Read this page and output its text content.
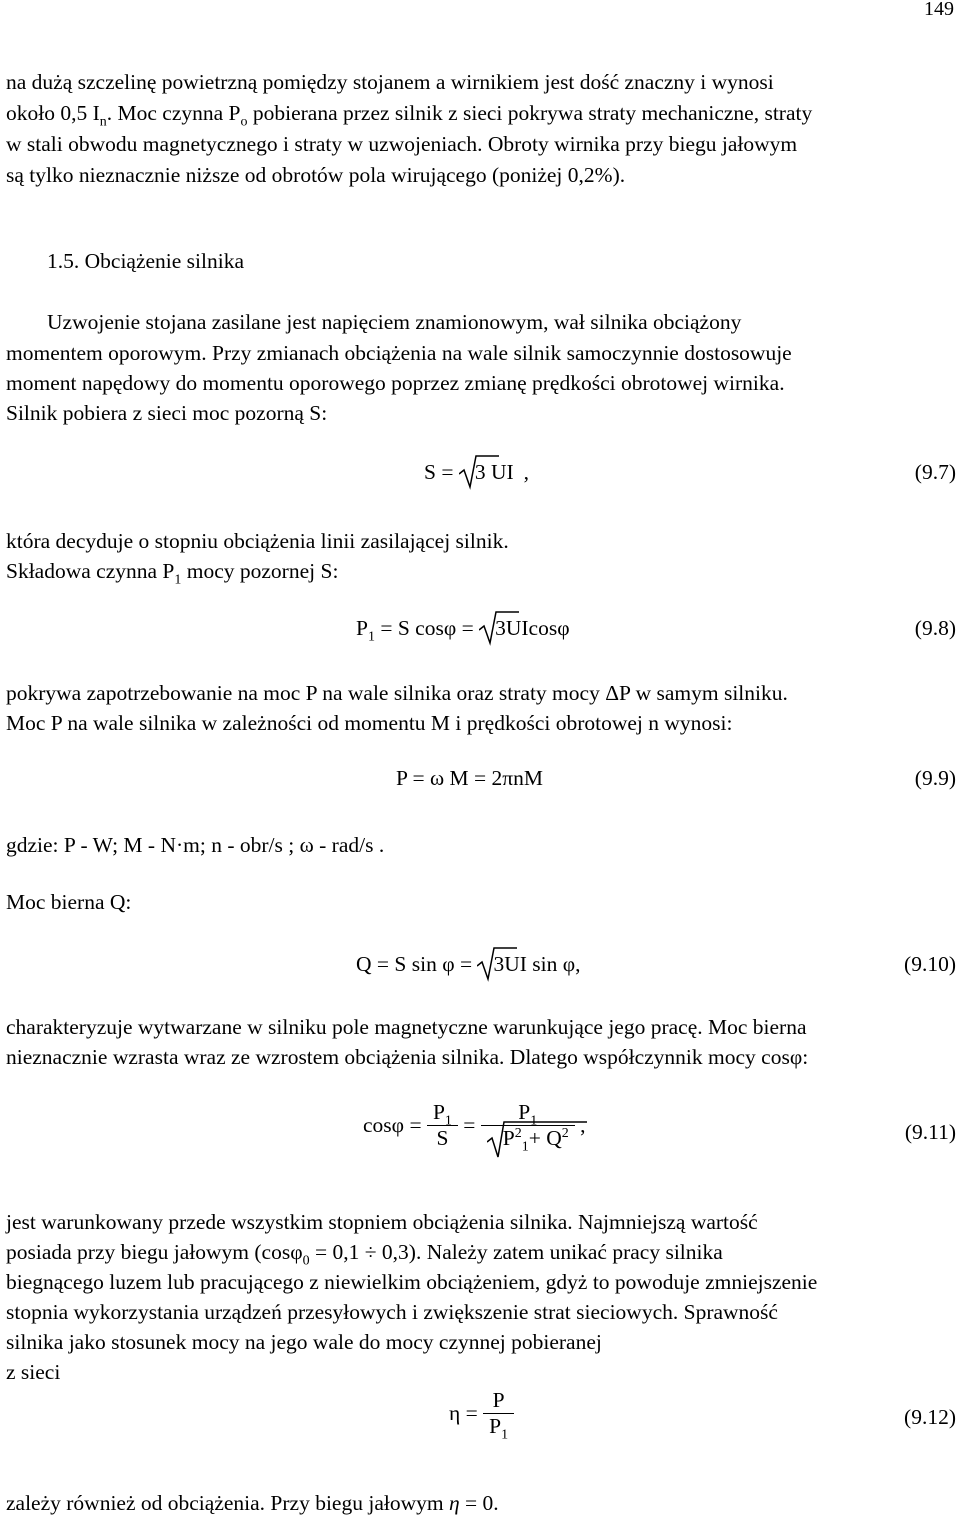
149
na dużą szczelinę powietrzną pomiędzy stojanem a wirnikiem jest dość znaczny i wynosi
około 0,5 $I_n$. Moc czynna $P_o$ pobierana przez silnik z sieci pokrywa straty mechaniczne, straty
w stali obwodu magnetycznego i straty w uzwojeniach. Obroty wirnika przy biegu jałowym
są tylko nieznacznie niższe od obrotów pola wirującego (poniżej 0,2%).
1.5. Obciążenie silnika
Uzwojenie stojana zasilane jest napięciem znamionowym, wał silnika obciążony
momentem oporowym. Przy zmianach obciążenia na wale silnik samoczynnie dostosowuje
moment napędowy do momentu oporowego poprzez zmianę prędkości obrotowej wirnika.
Silnik pobiera z sieci moc pozorną S:
S = 3 UI ,	(9.7)
która decyduje o stopniu obciążenia linii zasilającej silnik.
Składowa czynna $P_1$ mocy pozornej S:
$P_1 = S$ cosφ = 3UIcosφ	(9.8)
pokrywa zapotrzebowanie na moc P na wale silnika oraz straty mocy ΔP w samym silniku.
Moc P na wale silnika w zależności od momentu M i prędkości obrotowej n wynosi:
P = ω M = 2πnM	(9.9)
gdzie: P - W; M - N·m; n - obr/s ; ω - rad/s .
Moc bierna Q:
Q = S sin φ = 3UI sin φ,	(9.10)
charakteryzuje wytwarzane w silniku pole magnetyczne warunkujące jego pracę. Moc bierna
nieznacznie wzrasta wraz ze wzrostem obciążenia silnika. Dlatego współczynnik mocy cosφ:
$\cos\varphi = \frac{P_1}{S} = \frac{P_1}{P^2_1+ Q^2}$ ,	(9.11)
jest warunkowany przede wszystkim stopniem obciążenia silnika. Najmniejszą wartość
posiada przy biegu jałowym (cosφ$_0$ = 0,1 ÷ 0,3). Należy zatem unikać pracy silnika
biegnącego luzem lub pracującego z niewielkim obciążeniem, gdyż to powoduje zmniejszenie
stopnia wykorzystania urządzeń przesyłowych i zwiększenie strat sieciowych. Sprawność
silnika jako stosunek mocy na jego wale do mocy czynnej pobieranej
z sieci
$\eta = \frac{P}{P_1}$	(9.12)
zależy również od obciążenia. Przy biegu jałowym η = 0.
